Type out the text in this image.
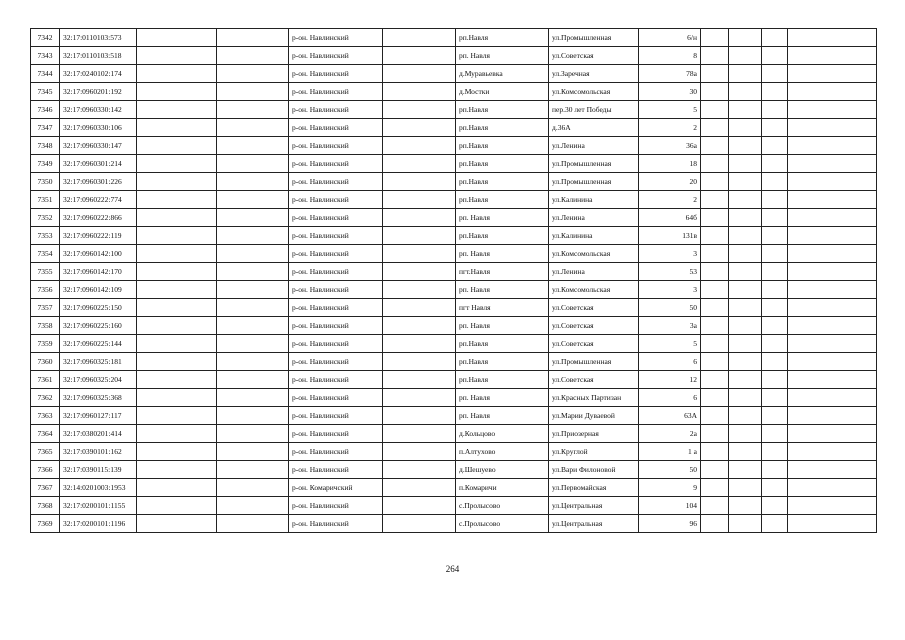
7342	32:17:0110103:573			р-он. Навлинский		рп.Навля	ул.Промышленная	6/н				
7343	32:17:0110103:518			р-он. Навлинский		рп. Навля	ул.Советская	8				
7344	32:17:0240102:174			р-он. Навлинский		д.Муравьевка	ул.Заречная	78а				
7345	32:17:0960201:192			р-он. Навлинский		д.Мостки	ул.Комсомольская	30				
7346	32:17:0960330:142			р-он. Навлинский		рп.Навля	пер.30 лет Победы	5				
7347	32:17:0960330:106			р-он. Навлинский		рп.Навля	д.36А	2				
7348	32:17:0960330:147			р-он. Навлинский		рп.Навля	ул.Ленина	36а				
7349	32:17:0960301:214			р-он. Навлинский		рп.Навля	ул.Промышленная	18				
7350	32:17:0960301:226			р-он. Навлинский		рп.Навля	ул.Промышленная	20				
7351	32:17:0960222:774			р-он. Навлинский		рп.Навля	ул.Калинина	2				
7352	32:17:0960222:866			р-он. Навлинский		рп. Навля	ул.Ленина	64б				
7353	32:17:0960222:119			р-он. Навлинский		рп.Навля	ул.Калинина	131в				
7354	32:17:0960142:100			р-он. Навлинский		рп. Навля	ул.Комсомольская	3				
7355	32:17:0960142:170			р-он. Навлинский		пгт.Навля	ул.Ленина	53				
7356	32:17:0960142:109			р-он. Навлинский		рп. Навля	ул.Комсомольская	3				
7357	32:17:0960225:150			р-он. Навлинский		пгт Навля	ул.Советская	50				
7358	32:17:0960225:160			р-он. Навлинский		рп. Навля	ул.Советская	3а				
7359	32:17:0960225:144			р-он. Навлинский		рп.Навля	ул.Советская	5				
7360	32:17:0960325:181			р-он. Навлинский		рп.Навля	ул.Промышленная	6				
7361	32:17:0960325:204			р-он. Навлинский		рп.Навля	ул.Советская	12				
7362	32:17:0960325:368			р-он. Навлинский		рп. Навля	ул.Красных Партизан	6				
7363	32:17:0960127:117			р-он. Навлинский		рп. Навля	ул.Марии Дуваевой	63А				
7364	32:17:0380201:414			р-он. Навлинский		д.Кольцово	ул.Приозерная	2а				
7365	32:17:0390101:162			р-он. Навлинский		п.Алтухово	ул.Круглой	1 а				
7366	32:17:0390115:139			р-он. Навлинский		д.Шешуево	ул.Вари Филоновой	50				
7367	32:14:0201003:1953			р-он. Комаричский		п.Комаричи	ул.Первомайская	9				
7368	32:17:0200101:1155			р-он. Навлинский		с.Пролысово	ул.Центральная	104				
7369	32:17:0200101:1196			р-он. Навлинский		с.Пролысово	ул.Центральная	96				
264
